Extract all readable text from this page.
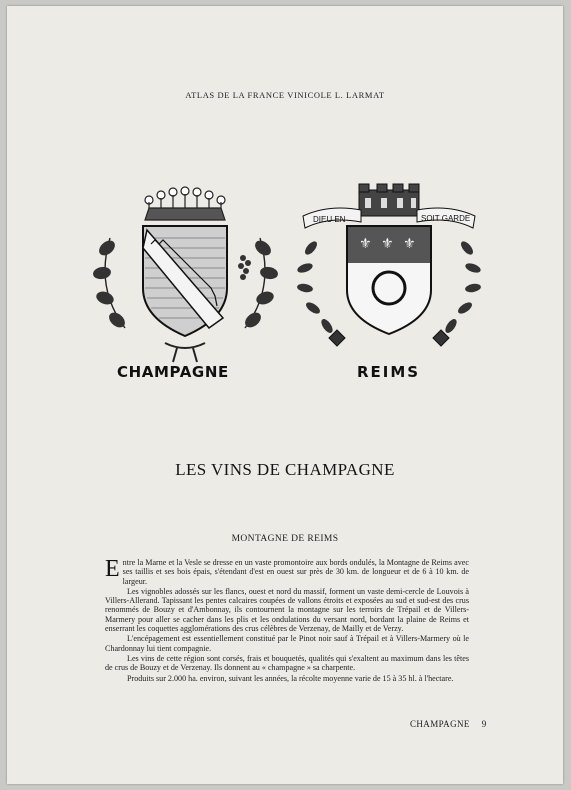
ATLAS DE LA FRANCE VINICOLE L. LARMAT
DIEU EN	SOIT GARDE
⚜ ⚜ ⚜
CHAMPAGNE	REIMS
LES VINS DE CHAMPAGNE
MONTAGNE DE REIMS

Entre la Marne et la Vesle se dresse en un vaste promontoire aux bords ondulés, la Montagne de Reims avec ses taillis et ses bois épais, s'étendant d'est en ouest sur près de 30 km. de longueur et de 6 à 10 km. de largeur.

Les vignobles adossés sur les flancs, ouest et nord du massif, forment un vaste demi-cercle de Louvois à Villers-Allerand. Tapissant les pentes calcaires coupées de vallons étroits et exposées au sud et sud-est des crus renommés de Bouzy et d'Ambonnay, ils contournent la montagne sur les terroirs de Trépail et de Villers-Marmery pour aller se cacher dans les plis et les ondulations du versant nord, bordant la plaine de Reims et enserrant les coquettes agglomérations des crus célèbres de Verzenay, de Mailly et de Verzy.

L'encépagement est essentiellement constitué par le Pinot noir sauf à Trépail et à Villers-Marmery où le Chardonnay lui tient compagnie.

Les vins de cette région sont corsés, frais et bouquetés, qualités qui s'exaltent au maximum dans les têtes de crus de Bouzy et de Verzenay. Ils donnent au « champagne » sa charpente.

Produits sur 2.000 ha. environ, suivant les années, la récolte moyenne varie de 15 à 35 hl. à l'hectare.

CHAMPAGNE 9
